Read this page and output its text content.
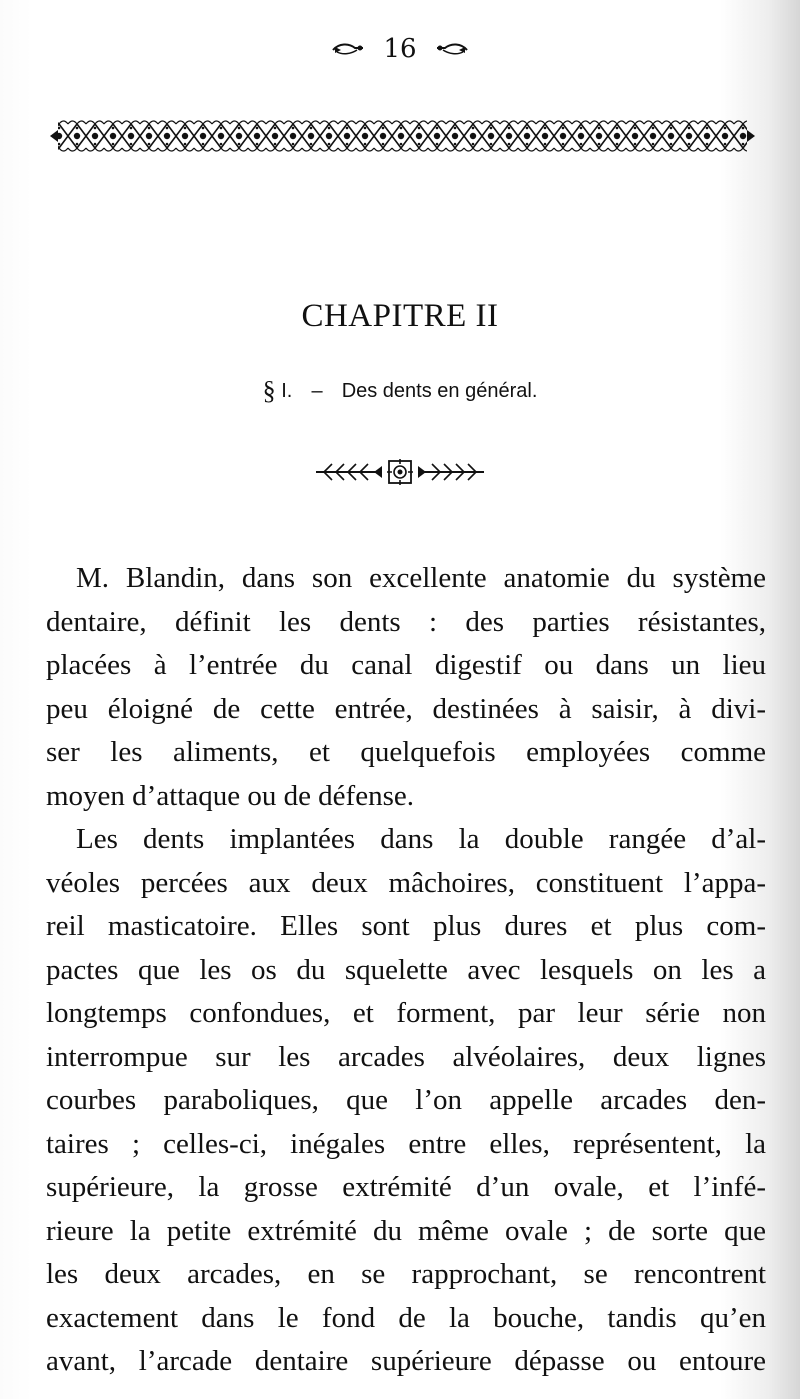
16
CHAPITRE II
§ I. – Des dents en général.
M. Blandin, dans son excellente anatomie du système
dentaire, définit les dents : des parties résistantes,
placées à l’entrée du canal digestif ou dans un lieu
peu éloigné de cette entrée, destinées à saisir, à divi-
ser les aliments, et quelquefois employées comme
moyen d’attaque ou de défense.
Les dents implantées dans la double rangée d’al-
véoles percées aux deux mâchoires, constituent l’appa-
reil masticatoire. Elles sont plus dures et plus com-
pactes que les os du squelette avec lesquels on les a
longtemps confondues, et forment, par leur série non
interrompue sur les arcades alvéolaires, deux lignes
courbes paraboliques, que l’on appelle arcades den-
taires ; celles-ci, inégales entre elles, représentent, la
supérieure, la grosse extrémité d’un ovale, et l’infé-
rieure la petite extrémité du même ovale ; de sorte que
les deux arcades, en se rapprochant, se rencontrent
exactement dans le fond de la bouche, tandis qu’en
avant, l’arcade dentaire supérieure dépasse ou entoure
